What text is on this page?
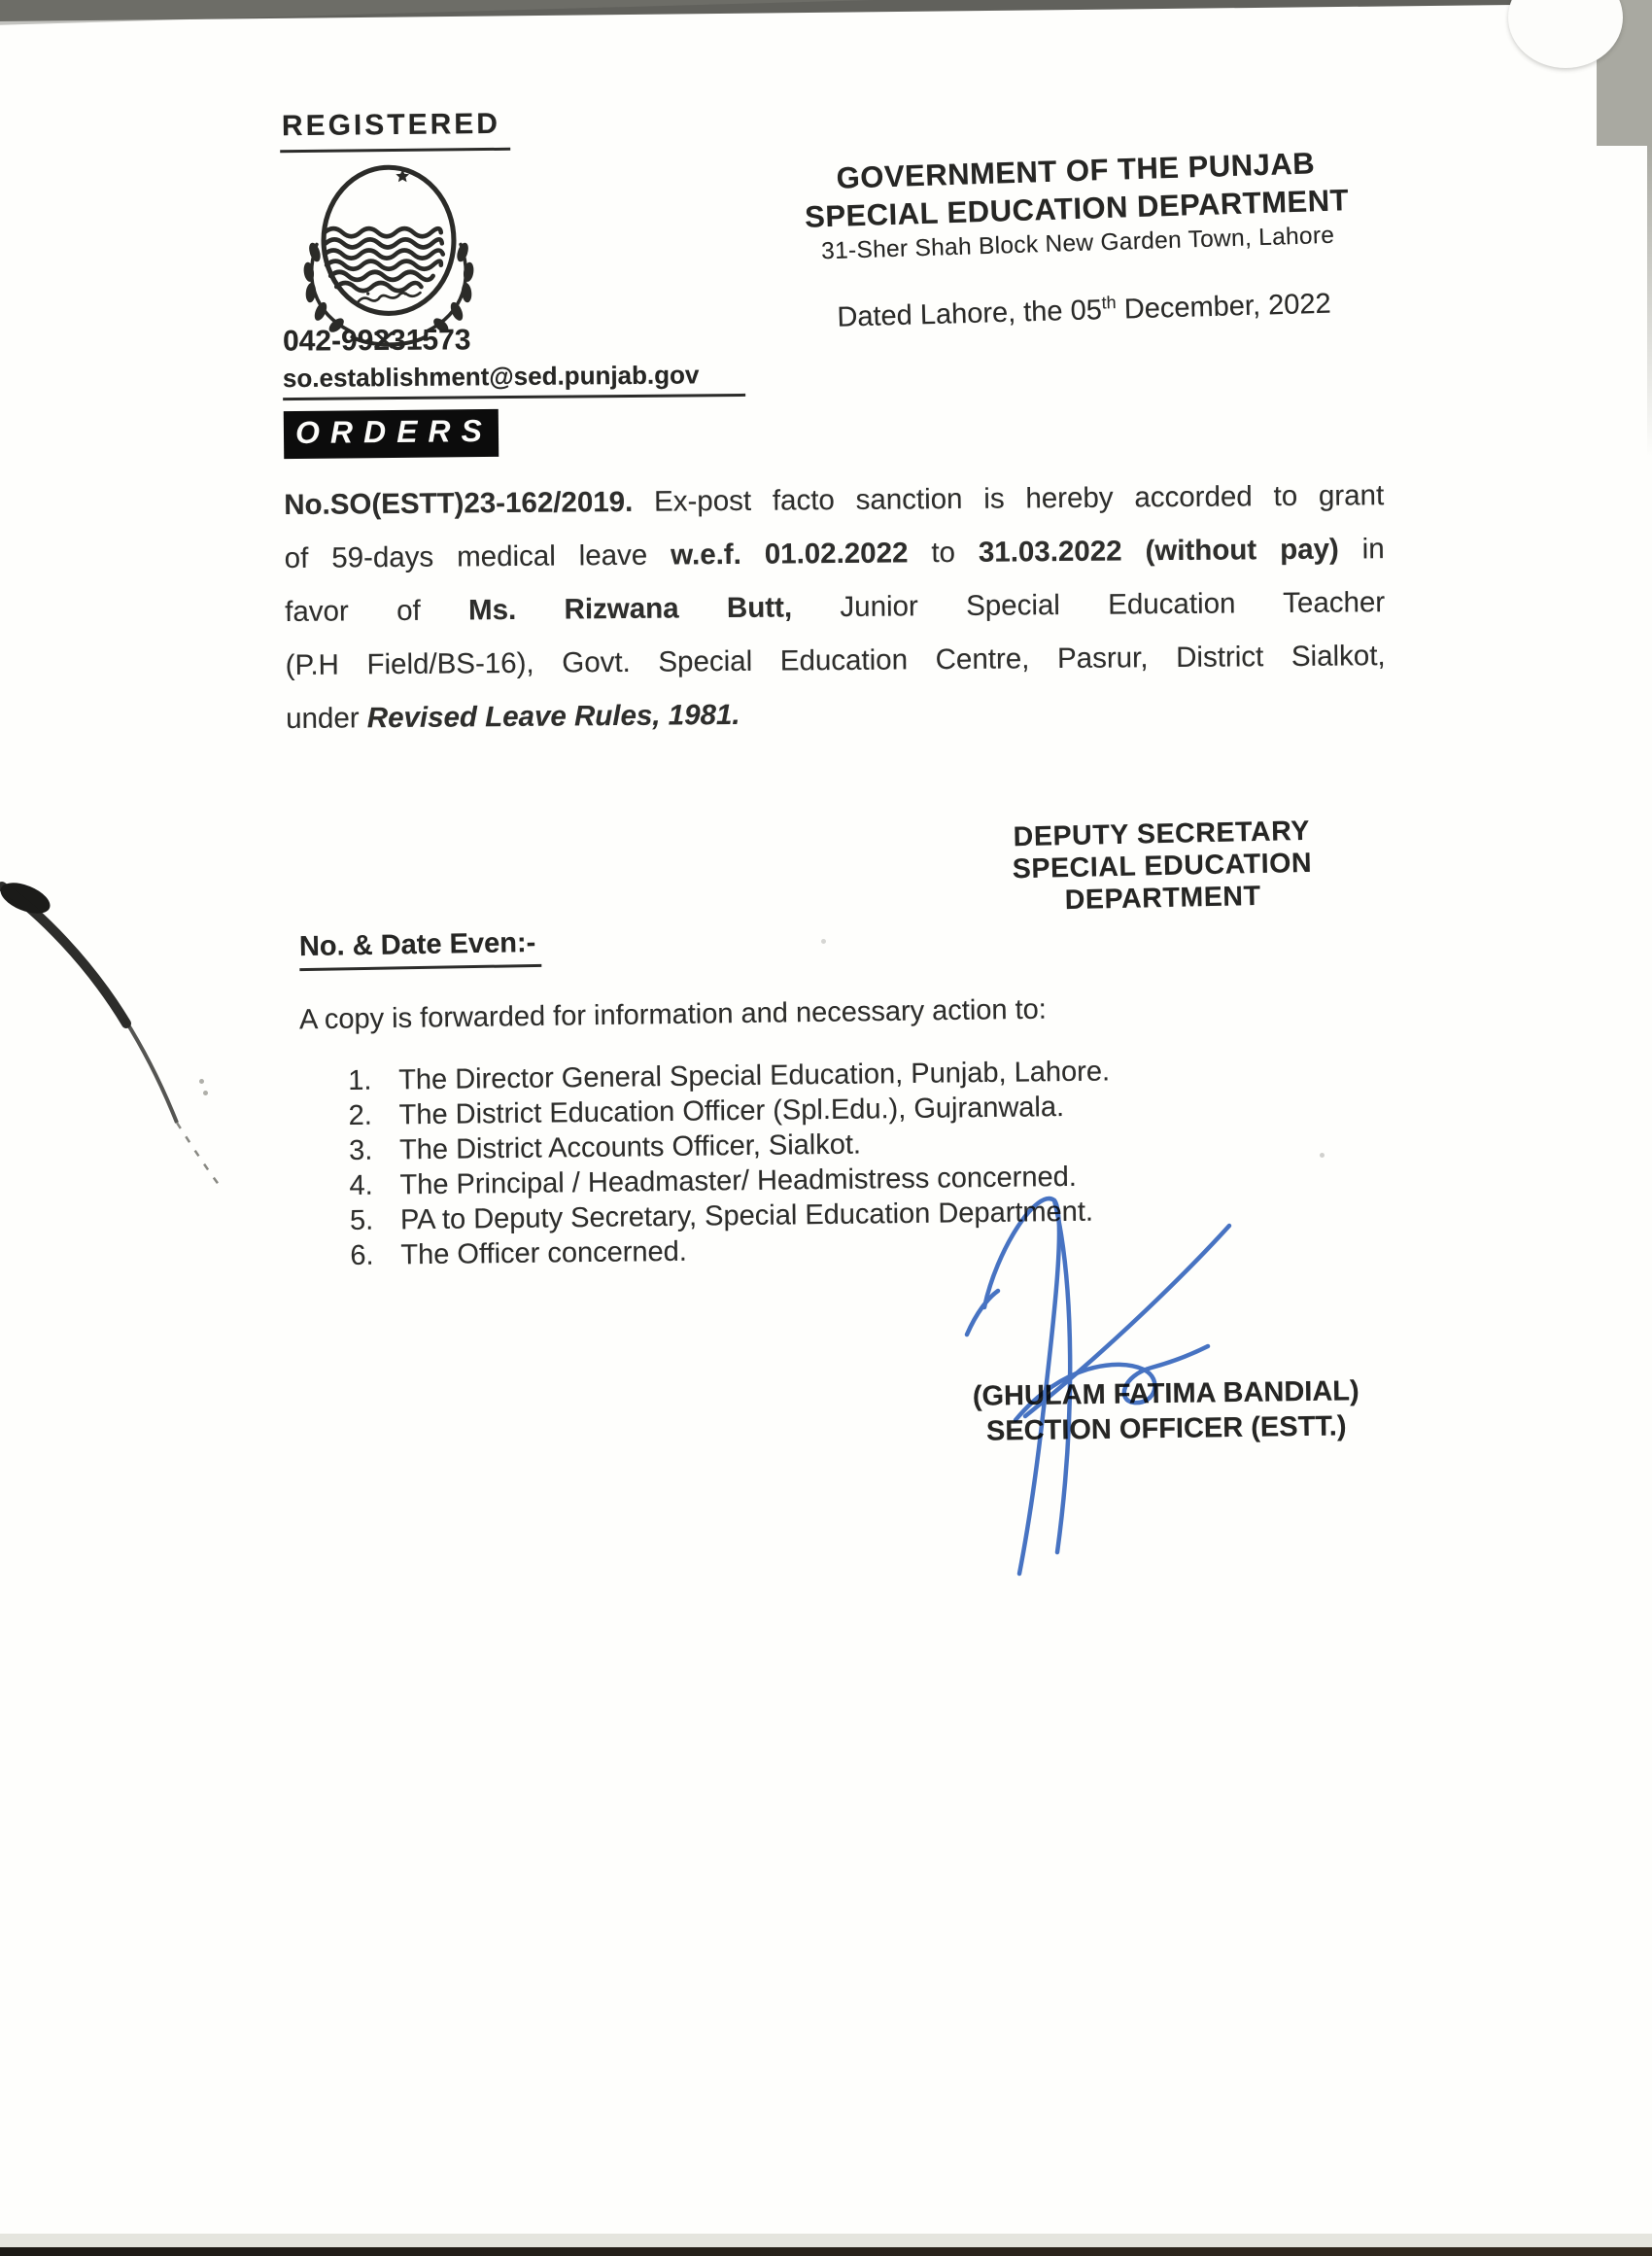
REGISTERED
042-99231573
so.establishment@sed.punjab.gov
GOVERNMENT OF THE PUNJAB
SPECIAL EDUCATION DEPARTMENT
31-Sher Shah Block New Garden Town, Lahore
Dated Lahore, the 05th December, 2022
ORDERS
No.SO(ESTT)23-162/2019. Ex-post facto sanction is hereby accorded to grant
of 59-days medical leave w.e.f. 01.02.2022 to 31.03.2022 (without pay) in
favor of Ms. Rizwana Butt, Junior Special Education Teacher
(P.H Field/BS-16), Govt. Special Education Centre, Pasrur, District Sialkot,
under Revised Leave Rules, 1981.
DEPUTY SECRETARY
SPECIAL EDUCATION
DEPARTMENT
No. & Date Even:-
A copy is forwarded for information and necessary action to:
1. The Director General Special Education, Punjab, Lahore.
2. The District Education Officer (Spl.Edu.), Gujranwala.
3. The District Accounts Officer, Sialkot.
4. The Principal / Headmaster/ Headmistress concerned.
5. PA to Deputy Secretary, Special Education Department.
6. The Officer concerned.
(GHULAM FATIMA BANDIAL)
SECTION OFFICER (ESTT.)
